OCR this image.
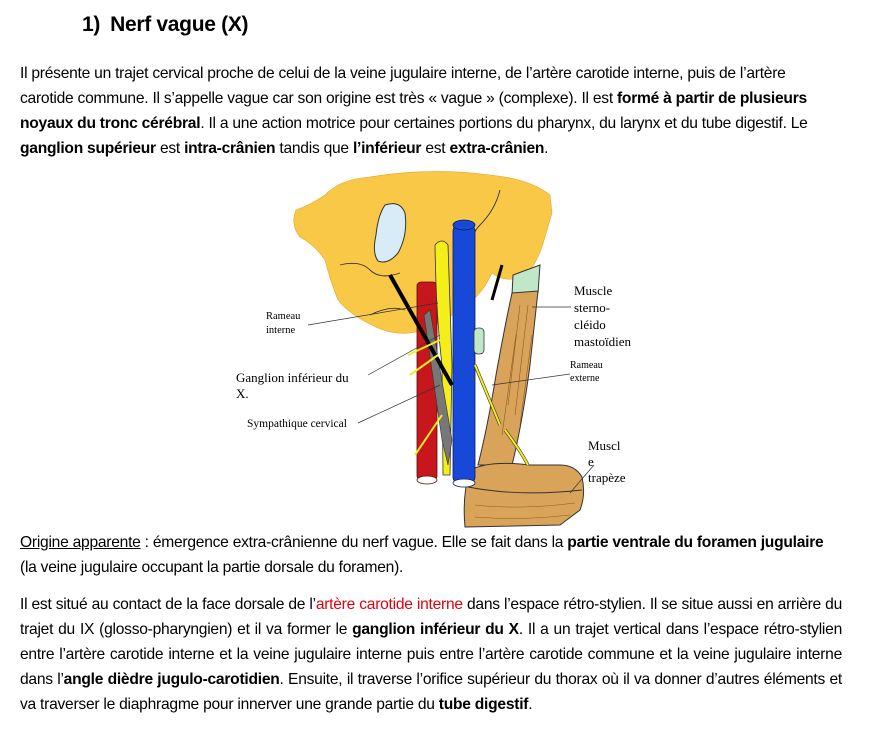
1) Nerf vague (X)
Il présente un trajet cervical proche de celui de la veine jugulaire interne, de l’artère carotide interne, puis de l’artère carotide commune. Il s’appelle vague car son origine est très « vague » (complexe). Il est formé à partir de plusieurs noyaux du tronc cérébral. Il a une action motrice pour certaines portions du pharynx, du larynx et du tube digestif. Le ganglion supérieur est intra-crânien tandis que l’inférieur est extra-crânien.
Rameau
interne
Ganglion inférieur du
X.
Sympathique cervical
Muscle
sterno-
cléido
mastoïdien
Rameau
externe
Muscl
e
trapèze
Origine apparente : émergence extra-crânienne du nerf vague. Elle se fait dans la partie ventrale du foramen jugulaire (la veine jugulaire occupant la partie dorsale du foramen).
Il est situé au contact de la face dorsale de l’artère carotide interne dans l’espace rétro-stylien. Il se situe aussi en arrière du trajet du IX (glosso-pharyngien) et il va former le ganglion inférieur du X. Il a un trajet vertical dans l’espace rétro-stylien entre l’artère carotide interne et la veine jugulaire interne puis entre l’artère carotide commune et la veine jugulaire interne dans l’angle dièdre jugulo-carotidien. Ensuite, il traverse l’orifice supérieur du thorax où il va donner d’autres éléments et va traverser le diaphragme pour innerver une grande partie du tube digestif.
